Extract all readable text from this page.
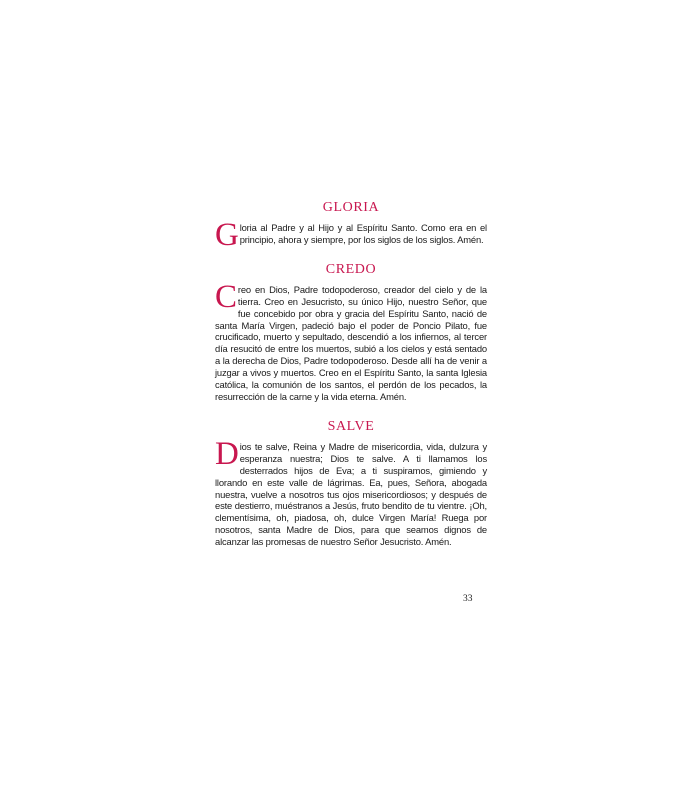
GLORIA

Gloria al Padre y al Hijo y al Espíritu Santo. Como era en el principio, ahora y siempre, por los siglos de los siglos. Amén.

CREDO

Creo en Dios, Padre todopoderoso, creador del cielo y de la tierra. Creo en Jesucristo, su único Hijo, nuestro Señor, que fue concebido por obra y gracia del Espíritu Santo, nació de santa María Virgen, padeció bajo el poder de Poncio Pilato, fue crucificado, muerto y sepultado, descendió a los infiernos, al tercer día resucitó de entre los muertos, subió a los cielos y está sentado a la derecha de Dios, Padre todopoderoso. Desde allí ha de venir a juzgar a vivos y muertos. Creo en el Espíritu Santo, la santa Iglesia católica, la comunión de los santos, el perdón de los pecados, la resurrección de la carne y la vida eterna. Amén.

SALVE

Dios te salve, Reina y Madre de misericordia, vida, dulzura y esperanza nuestra; Dios te salve. A ti llamamos los desterrados hijos de Eva; a ti suspiramos, gimiendo y llorando en este valle de lágrimas. Ea, pues, Señora, abogada nuestra, vuelve a nosotros tus ojos misericordiosos; y después de este destierro, muéstranos a Jesús, fruto bendito de tu vientre. ¡Oh, clementísima, oh, piadosa, oh, dulce Virgen María! Ruega por nosotros, santa Madre de Dios, para que seamos dignos de alcanzar las promesas de nuestro Señor Jesucristo. Amén.

33
